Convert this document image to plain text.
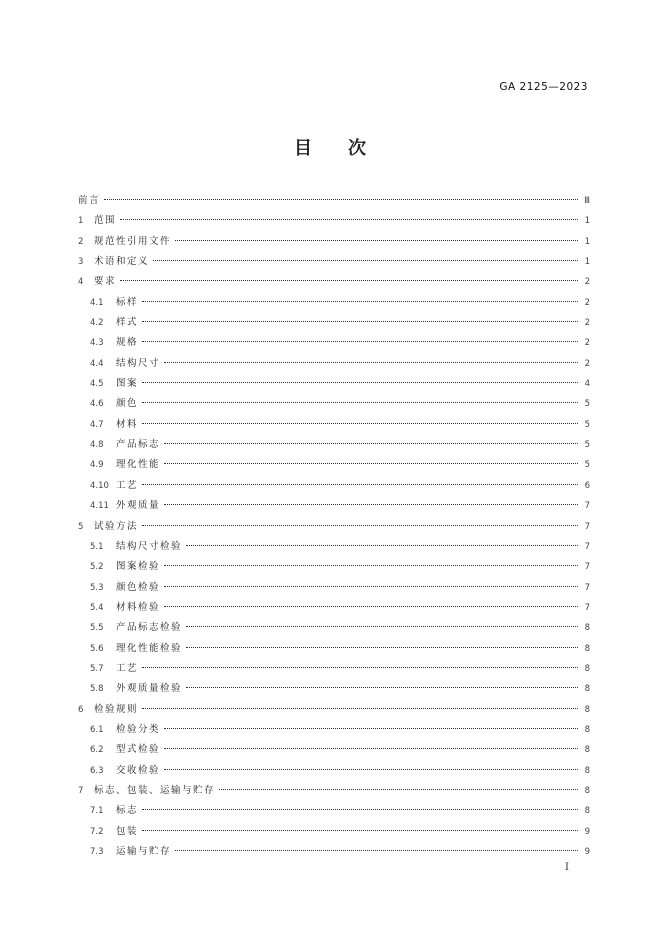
GA 2125—2023
目 次
前言	Ⅲ
1	范围	1
2	规范性引用文件	1
3	术语和定义	1
4	要求	2
4.1	标样	2
4.2	样式	2
4.3	规格	2
4.4	结构尺寸	2
4.5	图案	4
4.6	颜色	5
4.7	材料	5
4.8	产品标志	5
4.9	理化性能	5
4.10 工艺	6
4.11 外观质量	7
5	试验方法	7
5.1	结构尺寸检验	7
5.2	图案检验	7
5.3	颜色检验	7
5.4	材料检验	7
5.5	产品标志检验	8
5.6	理化性能检验	8
5.7	工艺	8
5.8	外观质量检验	8
6	检验规则	8
6.1	检验分类	8
6.2	型式检验	8
6.3	交收检验	8
7	标志、包装、运输与贮存	8
7.1	标志	8
7.2	包装	9
7.3	运输与贮存	9
I
